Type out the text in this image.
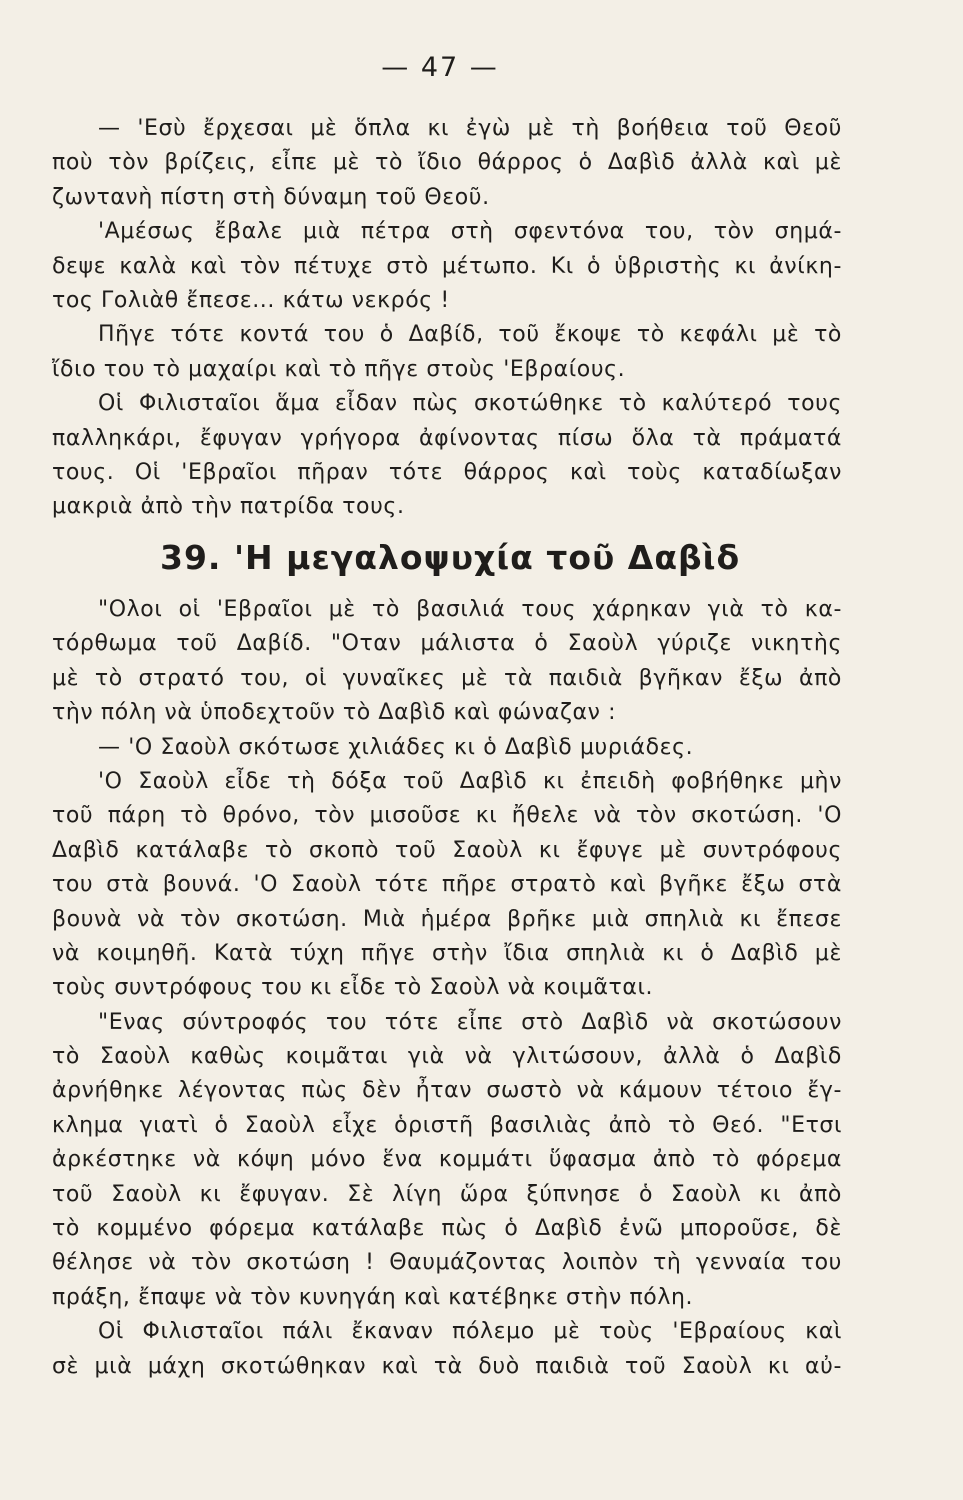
— 47 —
— 'Εσὺ ἔρχεσαι μὲ ὅπλα κι ἐγὼ μὲ τὴ βοήθεια τοῦ Θεοῦ
ποὺ τὸν βρίζεις, εἶπε μὲ τὸ ἴδιο θάρρος ὁ Δαβὶδ ἀλλὰ καὶ μὲ
ζωντανὴ πίστη στὴ δύναμη τοῦ Θεοῦ.
'Αμέσως ἔβαλε μιὰ πέτρα στὴ σφεντόνα του, τὸν σημά-
δεψε καλὰ καὶ τὸν πέτυχε στὸ μέτωπο. Κι ὁ ὑβριστὴς κι ἀνίκη-
τος Γολιὰθ ἔπεσε... κάτω νεκρός !
Πῆγε τότε κοντά του ὁ Δαβίδ, τοῦ ἔκοψε τὸ κεφάλι μὲ τὸ
ἴδιο του τὸ μαχαίρι καὶ τὸ πῆγε στοὺς 'Εβραίους.
Οἱ Φιλισταῖοι ἅμα εἶδαν πὼς σκοτώθηκε τὸ καλύτερό τους
παλληκάρι, ἔφυγαν γρήγορα ἀφίνοντας πίσω ὅλα τὰ πράματά
τους. Οἱ 'Εβραῖοι πῆραν τότε θάρρος καὶ τοὺς καταδίωξαν
μακριὰ ἀπὸ τὴν πατρίδα τους.
39. 'Η μεγαλοψυχία τοῦ Δαβὶδ
"Ολοι οἱ 'Εβραῖοι μὲ τὸ βασιλιά τους χάρηκαν γιὰ τὸ κα-
τόρθωμα τοῦ Δαβίδ. "Οταν μάλιστα ὁ Σαοὺλ γύριζε νικητὴς
μὲ τὸ στρατό του, οἱ γυναῖκες μὲ τὰ παιδιὰ βγῆκαν ἔξω ἀπὸ
τὴν πόλη νὰ ὑποδεχτοῦν τὸ Δαβὶδ καὶ φώναζαν :
— 'Ο Σαοὺλ σκότωσε χιλιάδες κι ὁ Δαβὶδ μυριάδες.
'Ο Σαοὺλ εἶδε τὴ δόξα τοῦ Δαβὶδ κι ἐπειδὴ φοβήθηκε μὴν
τοῦ πάρη τὸ θρόνο, τὸν μισοῦσε κι ἤθελε νὰ τὸν σκοτώση. 'Ο
Δαβὶδ κατάλαβε τὸ σκοπὸ τοῦ Σαοὺλ κι ἔφυγε μὲ συντρόφους
του στὰ βουνά. 'Ο Σαοὺλ τότε πῆρε στρατὸ καὶ βγῆκε ἔξω στὰ
βουνὰ νὰ τὸν σκοτώση. Μιὰ ἡμέρα βρῆκε μιὰ σπηλιὰ κι ἔπεσε
νὰ κοιμηθῆ. Κατὰ τύχη πῆγε στὴν ἴδια σπηλιὰ κι ὁ Δαβὶδ μὲ
τοὺς συντρόφους του κι εἶδε τὸ Σαοὺλ νὰ κοιμᾶται.
"Ενας σύντροφός του τότε εἶπε στὸ Δαβὶδ νὰ σκοτώσουν
τὸ Σαοὺλ καθὼς κοιμᾶται γιὰ νὰ γλιτώσουν, ἀλλὰ ὁ Δαβὶδ
ἀρνήθηκε λέγοντας πὼς δὲν ἦταν σωστὸ νὰ κάμουν τέτοιο ἔγ-
κλημα γιατὶ ὁ Σαοὺλ εἶχε ὁριστῆ βασιλιὰς ἀπὸ τὸ Θεό. "Ετσι
ἀρκέστηκε νὰ κόψη μόνο ἕνα κομμάτι ὕφασμα ἀπὸ τὸ φόρεμα
τοῦ Σαοὺλ κι ἔφυγαν. Σὲ λίγη ὥρα ξύπνησε ὁ Σαοὺλ κι ἀπὸ
τὸ κομμένο φόρεμα κατάλαβε πὼς ὁ Δαβὶδ ἐνῶ μποροῦσε, δὲ
θέλησε νὰ τὸν σκοτώση ! Θαυμάζοντας λοιπὸν τὴ γενναία του
πράξη, ἔπαψε νὰ τὸν κυνηγάη καὶ κατέβηκε στὴν πόλη.
Οἱ Φιλισταῖοι πάλι ἔκαναν πόλεμο μὲ τοὺς 'Εβραίους καὶ
σὲ μιὰ μάχη σκοτώθηκαν καὶ τὰ δυὸ παιδιὰ τοῦ Σαοὺλ κι αὐ-
